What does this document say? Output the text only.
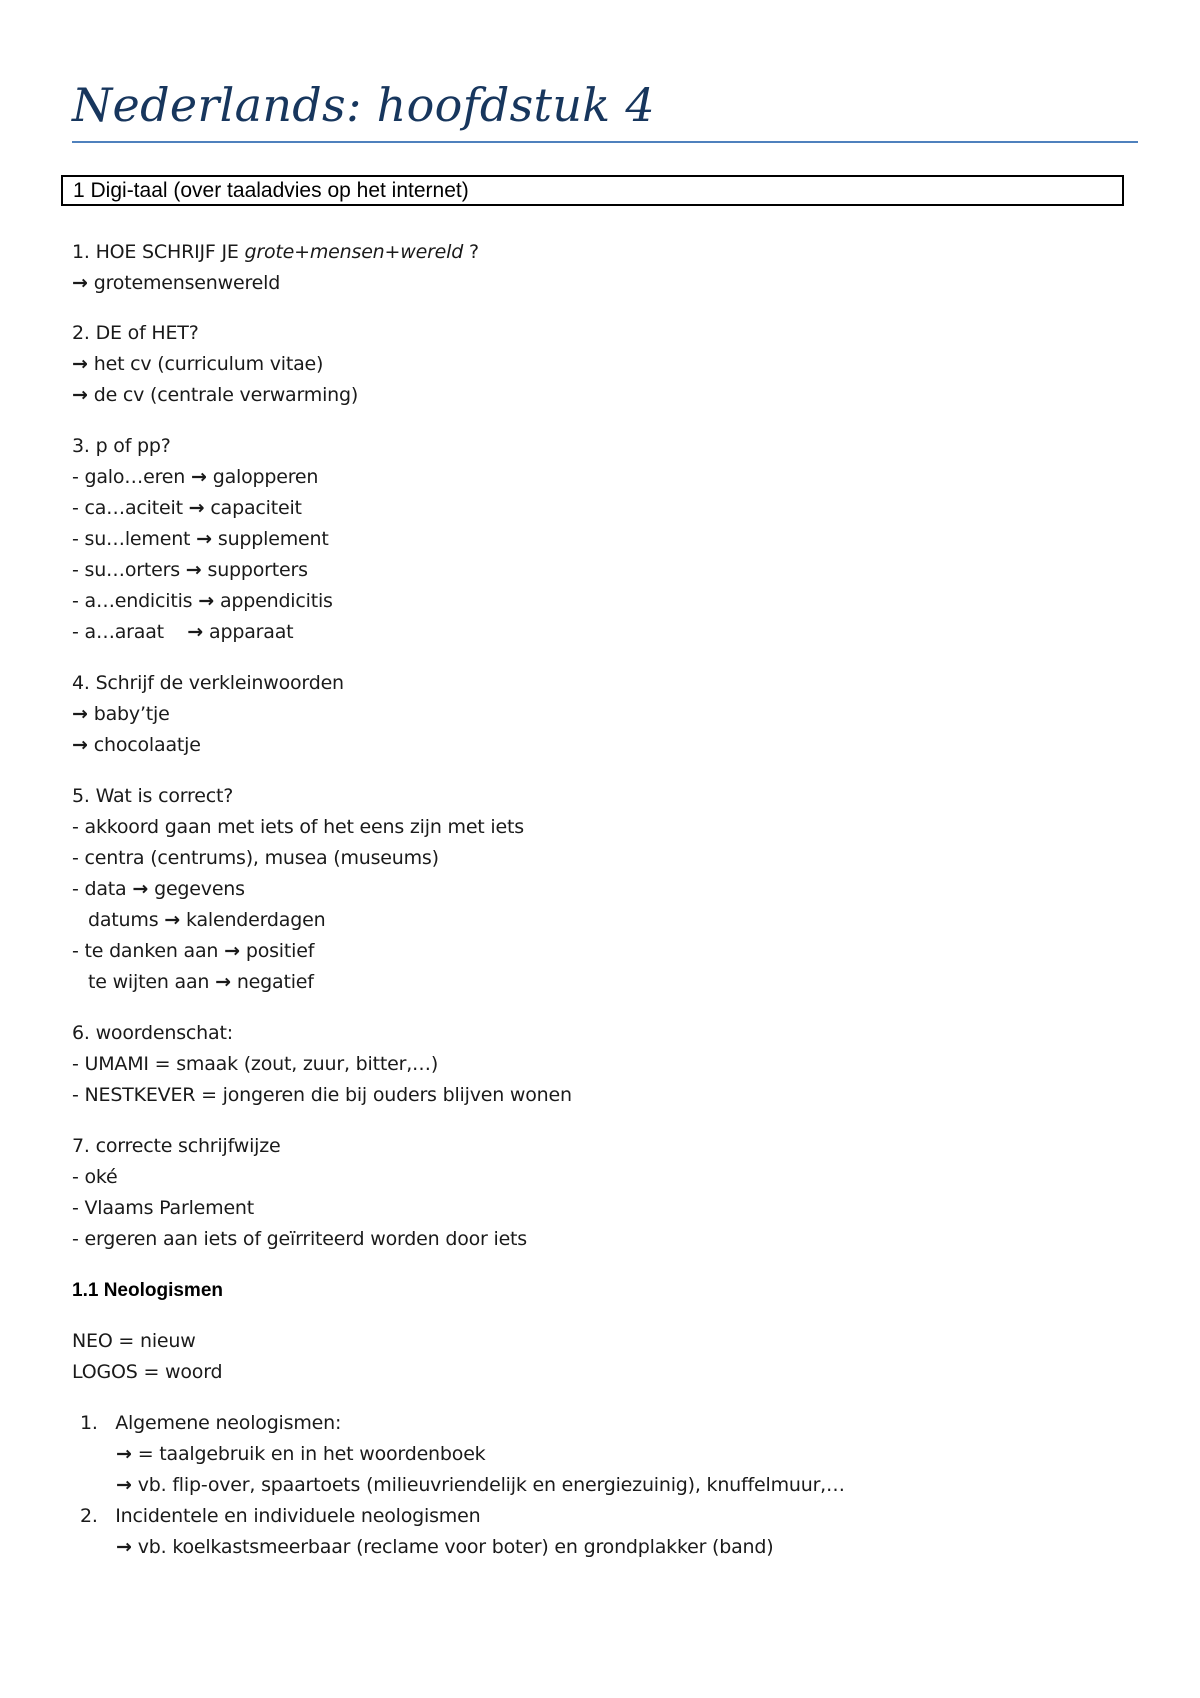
Nederlands: hoofdstuk 4
1 Digi-taal (over taaladvies op het internet)
1. HOE SCHRIJF JE grote+mensen+wereld ?
→ grotemensenwereld
2. DE of HET?
→ het cv (curriculum vitae)
→ de cv (centrale verwarming)
3. p of pp?
- galo…eren → galopperen
- ca…aciteit → capaciteit
- su…lement → supplement
- su…orters → supporters
- a…endicitis → appendicitis
- a…araat    → apparaat
4. Schrijf de verkleinwoorden
→ baby’tje
→ chocolaatje
5. Wat is correct?
- akkoord gaan met iets of het eens zijn met iets
- centra (centrums), musea (museums)
- data → gegevens
datums → kalenderdagen
- te danken aan → positief
te wijten aan → negatief
6. woordenschat:
- UMAMI = smaak (zout, zuur, bitter,…)
- NESTKEVER = jongeren die bij ouders blijven wonen
7. correcte schrijfwijze
- oké
- Vlaams Parlement
- ergeren aan iets of geïrriteerd worden door iets
1.1 Neologismen
NEO = nieuw
LOGOS = woord
1.   Algemene neologismen:
→ = taalgebruik en in het woordenboek
→ vb. flip-over, spaartoets (milieuvriendelijk en energiezuinig), knuffelmuur,…
2.   Incidentele en individuele neologismen
→ vb. koelkastsmeerbaar (reclame voor boter) en grondplakker (band)
